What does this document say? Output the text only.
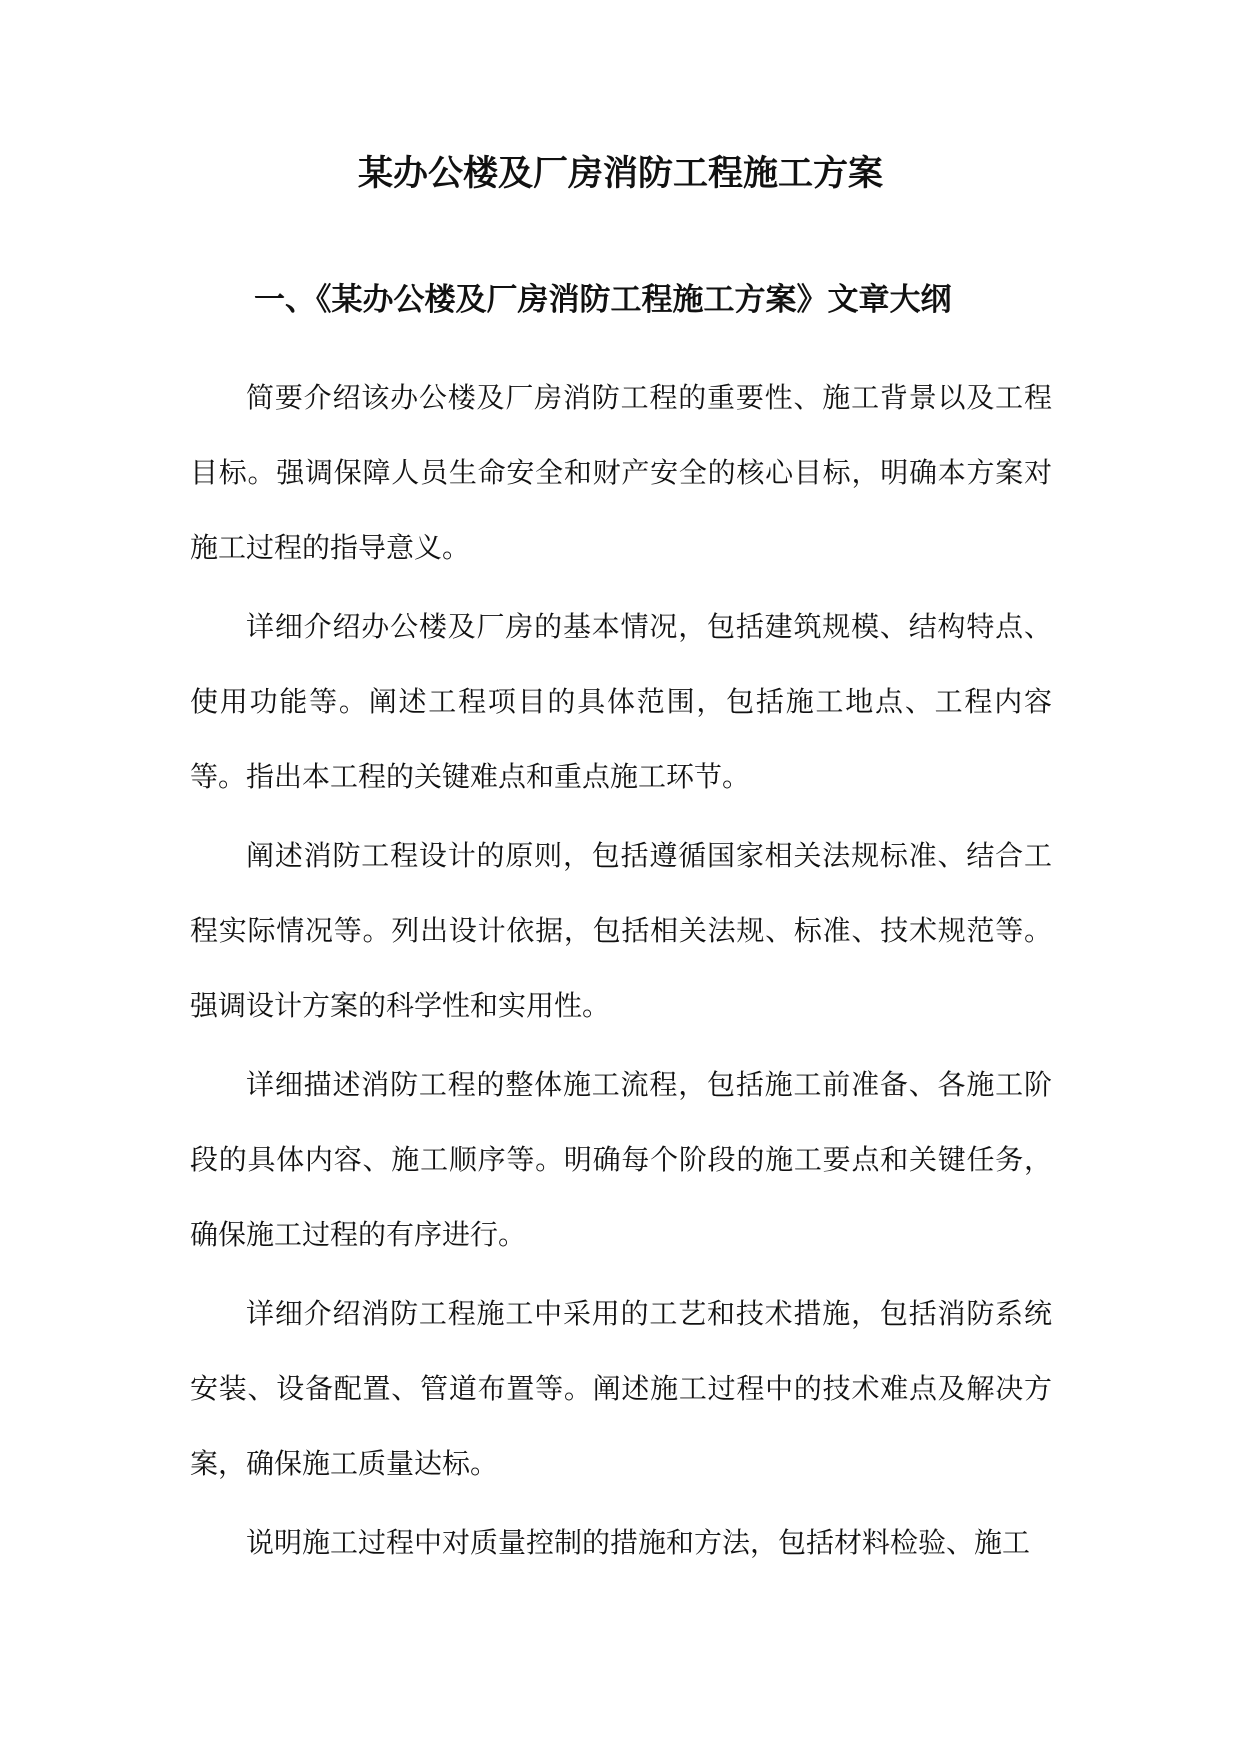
某办公楼及厂房消防工程施工方案
一、《某办公楼及厂房消防工程施工方案》文章大纲

简要介绍该办公楼及厂房消防工程的重要性、施工背景以及工程目标。强调保障人员生命安全和财产安全的核心目标，明确本方案对施工过程的指导意义。

详细介绍办公楼及厂房的基本情况，包括建筑规模、结构特点、使用功能等。阐述工程项目的具体范围，包括施工地点、工程内容等。指出本工程的关键难点和重点施工环节。

阐述消防工程设计的原则，包括遵循国家相关法规标准、结合工程实际情况等。列出设计依据，包括相关法规、标准、技术规范等。强调设计方案的科学性和实用性。

详细描述消防工程的整体施工流程，包括施工前准备、各施工阶段的具体内容、施工顺序等。明确每个阶段的施工要点和关键任务，确保施工过程的有序进行。

详细介绍消防工程施工中采用的工艺和技术措施，包括消防系统安装、设备配置、管道布置等。阐述施工过程中的技术难点及解决方案，确保施工质量达标。

说明施工过程中对质量控制的措施和方法，包括材料检验、施工
